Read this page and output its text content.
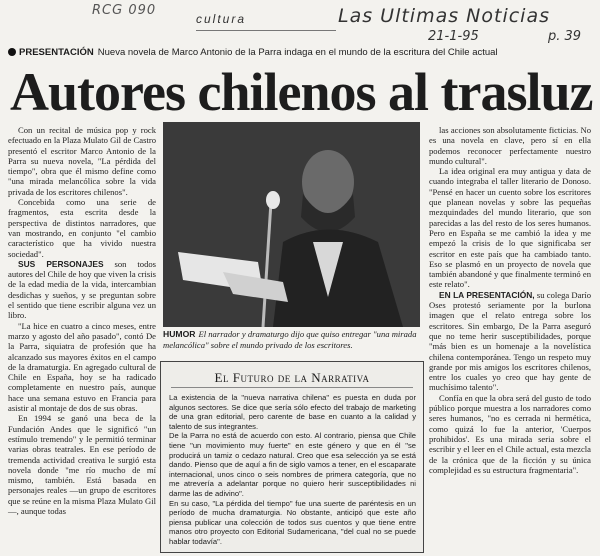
RCG 090	Las Ultimas Noticias
21-1-95	p. 39
cultura
PRESENTACIÓN Nueva novela de Marco Antonio de la Parra indaga en el mundo de la escritura del Chile actual
Autores chilenos al trasluz

Con un recital de música pop y rock efectuado en la Plaza Mulato Gil de Castro presentó el escritor Marco Antonio de la Parra su nueva novela, "La pérdida del tiempo", obra que él mismo define como "una mirada melancólica sobre la vida privada de los escritores chilenos".

Concebida como una serie de fragmentos, esta escrita desde la perspectiva de distintos narradores, que van mostrando, en conjunto "el cambio característico que ha vivido nuestra sociedad".

SUS PERSONAJES son todos autores del Chile de hoy que viven la crisis de la edad media de la vida, intercambian desdichas y sueños, y se preguntan sobre el sentido que tiene escribir alguna vez un libro.

"La hice en cuatro a cinco meses, entre marzo y agosto del año pasado", contó De la Parra, siquiatra de profesión que ha alcanzado sus mayores éxitos en el campo de la dramaturgia. En agregado cultural de Chile en España, hoy se ha radicado completamente en nuestro país, aunque hace una semana estuvo en Francia para asistir al montaje de dos de sus obras.

En 1994 se ganó una beca de la Fundación Andes que le significó "un estímulo tremendo" y le permitió terminar varias obras teatrales. En ese período de tremenda actividad creativa le surgió esta novela donde "me río mucho de mí mismo, también. Está basada en personajes reales —un grupo de escritores que se reúne en la misma Plaza Mulato Gil—, aunque todas

HUMOR El narrador y dramaturgo dijo que quiso entregar "una mirada melancólica" sobre el mundo privado de los escritores.
El Futuro de la Narrativa

La existencia de la "nueva narrativa chilena" es puesta en duda por algunos sectores. Se dice que sería sólo efecto del trabajo de marketing de una gran editorial, pero carente de base en cuanto a la calidad y talento de sus integrantes.

De la Parra no está de acuerdo con esto. Al contrario, piensa que Chile tiene "un movimiento muy fuerte" en este género y que en él "se producirá un tamiz o cedazo natural. Creo que esa selección ya se está dando. Pienso que de aquí a fin de siglo vamos a tener, en el escaparate internacional, unos cinco o seis nombres de primera categoría, que no me atrevería a adelantar porque no quiero herir susceptibilidades ni darme las de adivino".

En su caso, "La pérdida del tiempo" fue una suerte de paréntesis en un período de mucha dramaturgia. No obstante, anticipó que este año piensa publicar una colección de todos sus cuentos y que tiene entre manos otro proyecto con Editorial Sudamericana, "del cual no se puede hablar todavía".

las acciones son absolutamente ficticias. No es una novela en clave, pero sí en ella podemos reconocer perfectamente nuestro mundo cultural".

La idea original era muy antigua y data de cuando integraba el taller literario de Donoso. "Pensé en hacer un cuento sobre los escritores que planean novelas y sobre las pequeñas mezquindades del mundo literario, que son parecidas a las del resto de los seres humanos. Pero en España se me cambió la idea y me empezó la crisis de lo que significaba ser escritor en este país que ha cambiado tanto. Eso se plasmó en un proyecto de novela que también abandoné y que finalmente terminó en este relato".

EN LA PRESENTACIÓN, su colega Darío Oses protestó seriamente por la burlona imagen que el relato entrega sobre los escritores. Sin embargo, De la Parra aseguró que no teme herir susceptibilidades, porque "más bien es un homenaje a la novelística chilena contemporánea. Tengo un respeto muy grande por mis amigos los escritores chilenos, entre los cuales yo creo que hay gente de muchísimo talento".

Confía en que la obra será del gusto de todo público porque muestra a los narradores como seres humanos, "no es cerrada ni hermética, como quizá lo fue la anterior, 'Cuerpos prohibidos'. Es una mirada seria sobre el escribir y el leer en el Chile actual, esta mezcla de la crónica que de la ficción y su única complejidad es su estructura fragmentaria".
